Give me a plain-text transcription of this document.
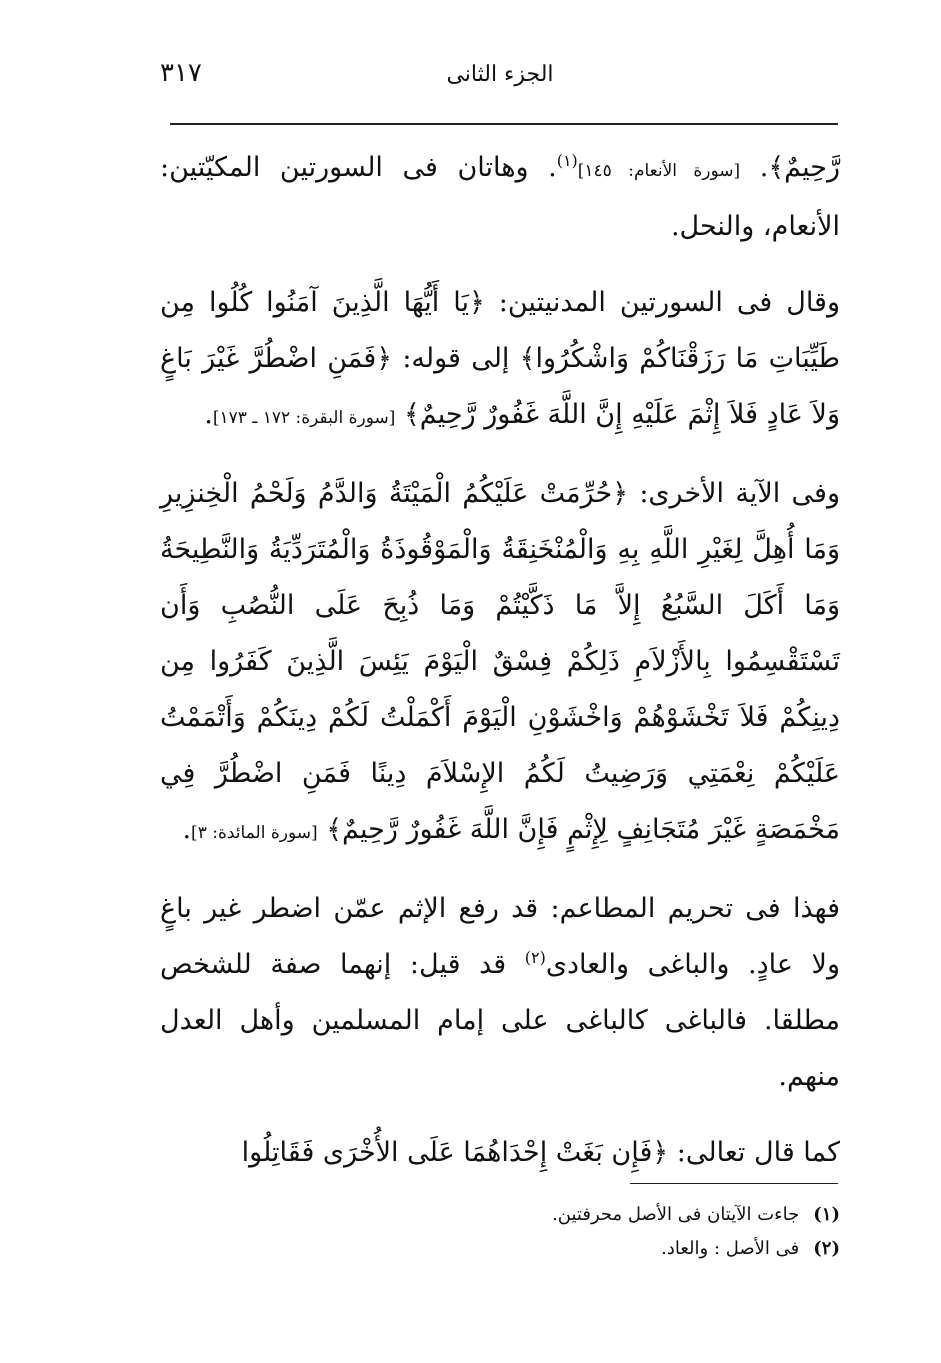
الجزء الثانى
٣١٧

رَّحِيمٌ﴾. [سورة الأنعام: ١٤٥]$^{(١)}$. وهاتان فى السورتين المكيّتين: الأنعام، والنحل.

وقال فى السورتين المدنيتين: ﴿يَا أَيُّهَا الَّذِينَ آمَنُوا كُلُوا مِن طَيِّبَاتِ مَا رَزَقْنَاكُمْ وَاشْكُرُوا﴾ إلى قوله: ﴿فَمَنِ اضْطُرَّ غَيْرَ بَاغٍ وَلاَ عَادٍ فَلاَ إِثْمَ عَلَيْهِ إِنَّ اللَّهَ غَفُورٌ رَّحِيمٌ﴾ [سورة البقرة: ١٧٢ ـ ١٧٣].

وفى الآية الأخرى: ﴿حُرِّمَتْ عَلَيْكُمُ الْمَيْتَةُ وَالدَّمُ وَلَحْمُ الْخِنزِيرِ وَمَا أُهِلَّ لِغَيْرِ اللَّهِ بِهِ وَالْمُنْخَنِقَةُ وَالْمَوْقُوذَةُ وَالْمُتَرَدِّيَةُ وَالنَّطِيحَةُ وَمَا أَكَلَ السَّبُعُ إِلاَّ مَا ذَكَّيْتُمْ وَمَا ذُبِحَ عَلَى النُّصُبِ وَأَن تَسْتَقْسِمُوا بِالأَزْلاَمِ ذَلِكُمْ فِسْقٌ الْيَوْمَ يَئِسَ الَّذِينَ كَفَرُوا مِن دِينِكُمْ فَلاَ تَخْشَوْهُمْ وَاخْشَوْنِ الْيَوْمَ أَكْمَلْتُ لَكُمْ دِينَكُمْ وَأَتْمَمْتُ عَلَيْكُمْ نِعْمَتِي وَرَضِيتُ لَكُمُ الإِسْلاَمَ دِينًا فَمَنِ اضْطُرَّ فِي مَخْمَصَةٍ غَيْرَ مُتَجَانِفٍ لِإِثْمٍ فَإِنَّ اللَّهَ غَفُورٌ رَّحِيمٌ﴾ [سورة المائدة: ٣].

فهذا فى تحريم المطاعم: قد رفع الإثم عمّن اضطر غير باغٍ ولا عادٍ. والباغى والعادى$^{(٢)}$ قد قيل: إنهما صفة للشخص مطلقا. فالباغى كالباغى على إمام المسلمين وأهل العدل منهم.

كما قال تعالى: ﴿فَإِن بَغَتْ إِحْدَاهُمَا عَلَى الأُخْرَى فَقَاتِلُوا

(١)جاءت الآيتان فى الأصل محرفتين.

(٢)فى الأصل : والعاد.
